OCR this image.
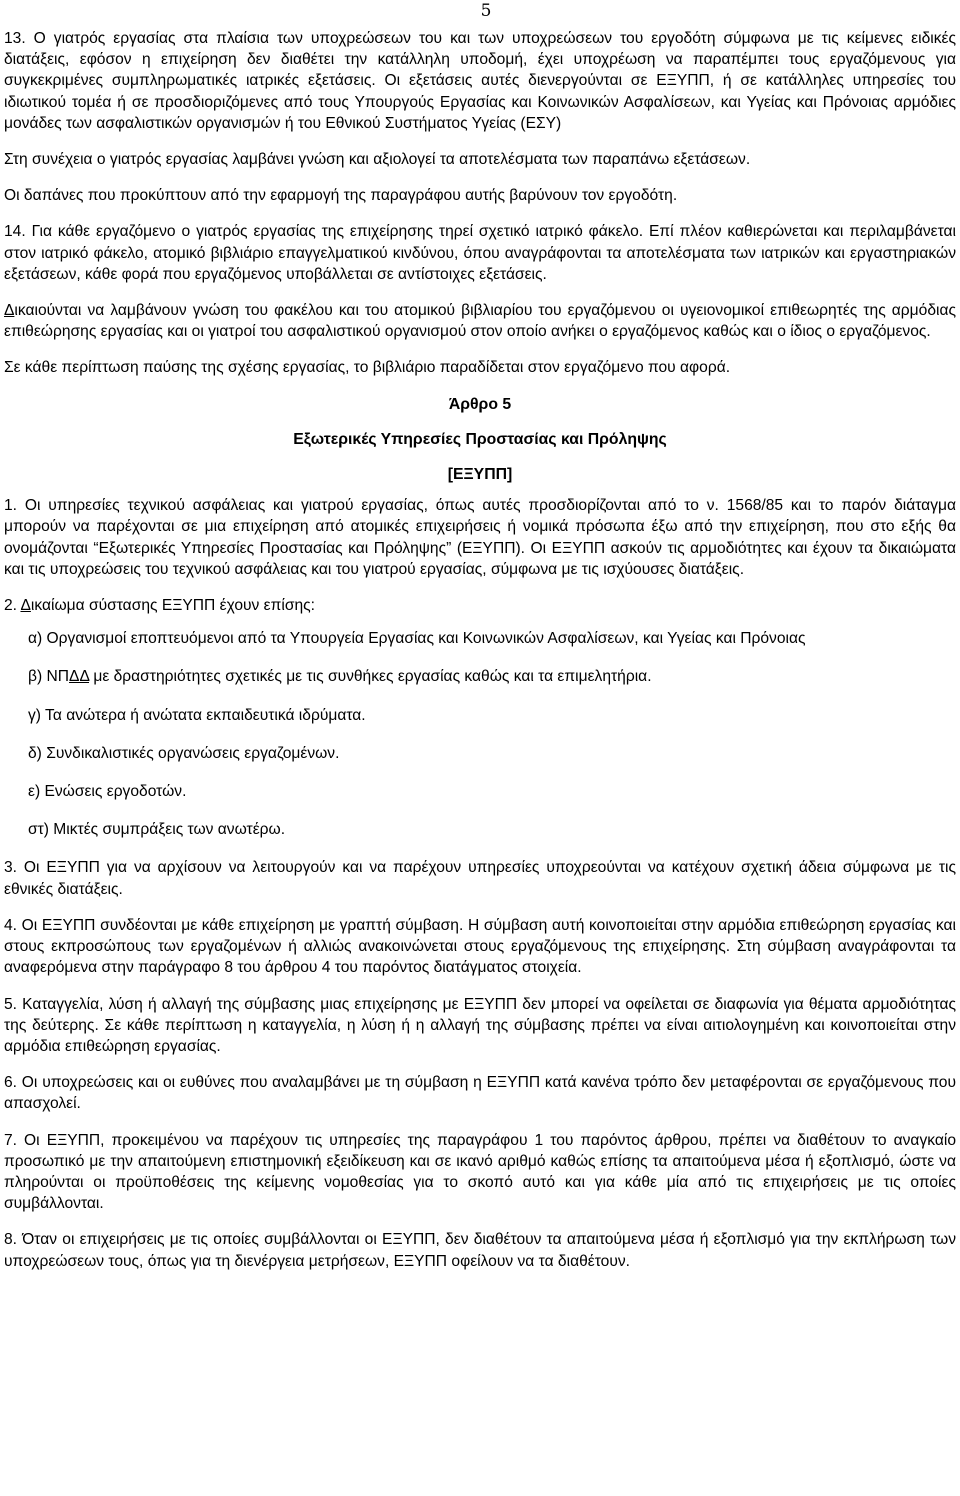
5

13. Ο γιατρός εργασίας στα πλαίσια των υποχρεώσεων του και των υποχρεώσεων του εργοδότη σύμφωνα με τις κείμενες ειδικές διατάξεις, εφόσον η επιχείρηση δεν διαθέτει την κατάλληλη υποδομή, έχει υποχρέωση να παραπέμπει τους εργαζόμενους για συγκεκριμένες συμπληρωματικές ιατρικές εξετάσεις. Οι εξετάσεις αυτές διενεργούνται σε ΕΞΥΠΠ, ή σε κατάλληλες υπηρεσίες του ιδιωτικού τομέα ή σε προσδιοριζόμενες από τους Υπουργούς Εργασίας και Κοινωνικών Ασφαλίσεων, και Υγείας και Πρόνοιας αρμόδιες μονάδες των ασφαλιστικών οργανισμών ή του Εθνικού Συστήματος Υγείας (ΕΣΥ)

Στη συνέχεια ο γιατρός εργασίας λαμβάνει γνώση και αξιολογεί τα αποτελέσματα των παραπάνω εξετάσεων.

Οι δαπάνες που προκύπτουν από την εφαρμογή της παραγράφου αυτής βαρύνουν τον εργοδότη.

14. Για κάθε εργαζόμενο ο γιατρός εργασίας της επιχείρησης τηρεί σχετικό ιατρικό φάκελο. Επί πλέον καθιερώνεται και περιλαμβάνεται στον ιατρικό φάκελο, ατομικό βιβλιάριο επαγγελματικού κινδύνου, όπου αναγράφονται τα αποτελέσματα των ιατρικών και εργαστηριακών εξετάσεων, κάθε φορά που εργαζόμενος υποβάλλεται σε αντίστοιχες εξετάσεις.

Δικαιούνται να λαμβάνουν γνώση του φακέλου και του ατομικού βιβλιαρίου του εργαζόμενου οι υγειονομικοί επιθεωρητές της αρμόδιας επιθεώρησης εργασίας και οι γιατροί του ασφαλιστικού οργανισμού στον οποίο ανήκει ο εργαζόμενος καθώς και ο ίδιος ο εργαζόμενος.

Σε κάθε περίπτωση παύσης της σχέσης εργασίας, το βιβλιάριο παραδίδεται στον εργαζόμενο που αφορά.

Άρθρο 5

Εξωτερικές Υπηρεσίες Προστασίας και Πρόληψης

[ΕΞΥΠΠ]

1. Οι υπηρεσίες τεχνικού ασφάλειας και γιατρού εργασίας, όπως αυτές προσδιορίζονται από το ν. 1568/85 και το παρόν διάταγμα μπορούν να παρέχονται σε μια επιχείρηση από ατομικές επιχειρήσεις ή νομικά πρόσωπα έξω από την επιχείρηση, που στο εξής θα ονομάζονται “Εξωτερικές Υπηρεσίες Προστασίας και Πρόληψης” (ΕΞΥΠΠ). Οι ΕΞΥΠΠ ασκούν τις αρμοδιότητες και έχουν τα δικαιώματα και τις υποχρεώσεις του τεχνικού ασφάλειας και του γιατρού εργασίας, σύμφωνα με τις ισχύουσες διατάξεις.

2. Δικαίωμα σύστασης ΕΞΥΠΠ έχουν επίσης:

α) Οργανισμοί εποπτευόμενοι από τα Υπουργεία Εργασίας και Κοινωνικών Ασφαλίσεων, και Υγείας και Πρόνοιας

β) ΝΠΔΔ με δραστηριότητες σχετικές με τις συνθήκες εργασίας καθώς και τα επιμελητήρια.

γ) Τα ανώτερα ή ανώτατα εκπαιδευτικά ιδρύματα.

δ) Συνδικαλιστικές οργανώσεις εργαζομένων.

ε) Ενώσεις εργοδοτών.

στ) Μικτές συμπράξεις των ανωτέρω.

3. Οι ΕΞΥΠΠ για να αρχίσουν να λειτουργούν και να παρέχουν υπηρεσίες υποχρεούνται να κατέχουν σχετική άδεια σύμφωνα με τις εθνικές διατάξεις.

4. Οι ΕΞΥΠΠ συνδέονται με κάθε επιχείρηση με γραπτή σύμβαση. Η σύμβαση αυτή κοινοποιείται στην αρμόδια επιθεώρηση εργασίας και στους εκπροσώπους των εργαζομένων ή αλλιώς ανακοινώνεται στους εργαζόμενους της επιχείρησης. Στη σύμβαση αναγράφονται τα αναφερόμενα στην παράγραφο 8 του άρθρου 4 του παρόντος διατάγματος στοιχεία.

5. Καταγγελία, λύση ή αλλαγή της σύμβασης μιας επιχείρησης με ΕΞΥΠΠ δεν μπορεί να οφείλεται σε διαφωνία για θέματα αρμοδιότητας της δεύτερης. Σε κάθε περίπτωση η καταγγελία, η λύση ή η αλλαγή της σύμβασης πρέπει να είναι αιτιολογημένη και κοινοποιείται στην αρμόδια επιθεώρηση εργασίας.

6. Οι υποχρεώσεις και οι ευθύνες που αναλαμβάνει με τη σύμβαση η ΕΞΥΠΠ κατά κανένα τρόπο δεν μεταφέρονται σε εργαζόμενους που απασχολεί.

7. Οι ΕΞΥΠΠ, προκειμένου να παρέχουν τις υπηρεσίες της παραγράφου 1 του παρόντος άρθρου, πρέπει να διαθέτουν το αναγκαίο προσωπικό με την απαιτούμενη επιστημονική εξειδίκευση και σε ικανό αριθμό καθώς επίσης τα απαιτούμενα μέσα ή εξοπλισμό, ώστε να πληρούνται οι προϋποθέσεις της κείμενης νομοθεσίας για το σκοπό αυτό και για κάθε μία από τις επιχειρήσεις με τις οποίες συμβάλλονται.

8. Όταν οι επιχειρήσεις με τις οποίες συμβάλλονται οι ΕΞΥΠΠ, δεν διαθέτουν τα απαιτούμενα μέσα ή εξοπλισμό για την εκπλήρωση των υποχρεώσεων τους, όπως για τη διενέργεια μετρήσεων, ΕΞΥΠΠ οφείλουν να τα διαθέτουν.
